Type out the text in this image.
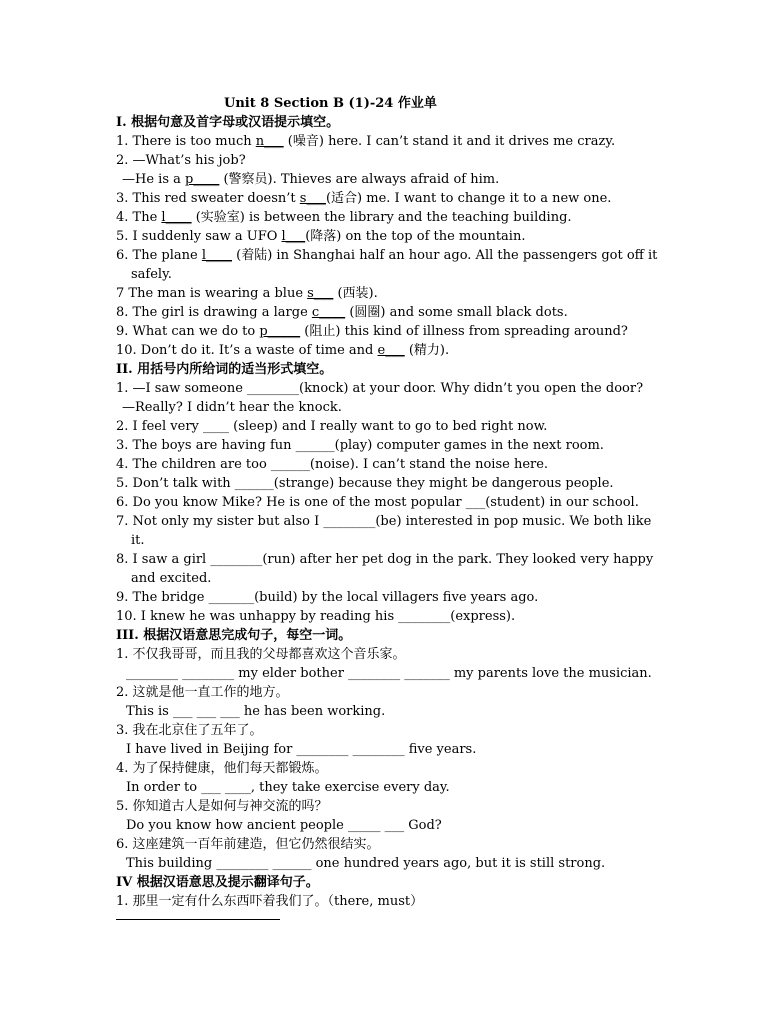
Unit 8 Section B (1)-24 作业单
I. 根据句意及首字母或汉语提示填空。
1. There is too much n___ (噪音) here. I can’t stand it and it drives me crazy.
2. —What’s his job?
—He is a p____ (警察员). Thieves are always afraid of him.
3. This red sweater doesn’t s___(适合) me. I want to change it to a new one.
4. The l____ (实验室) is between the library and the teaching building.
5. I suddenly saw a UFO l___(降落) on the top of the mountain.
6. The plane l____ (着陆) in Shanghai half an hour ago. All the passengers got off it
safely.
7 The man is wearing a blue s___ (西装).
8. The girl is drawing a large c____ (圆圈) and some small black dots.
9. What can we do to p_____ (阻止) this kind of illness from spreading around?
10. Don’t do it. It’s a waste of time and e___ (精力).
II. 用括号内所给词的适当形式填空。
1. —I saw someone ________(knock) at your door. Why didn’t you open the door?
—Really? I didn’t hear the knock.
2. I feel very ____ (sleep) and I really want to go to bed right now.
3. The boys are having fun ______(play) computer games in the next room.
4. The children are too ______(noise). I can’t stand the noise here.
5. Don’t talk with ______(strange) because they might be dangerous people.
6. Do you know Mike? He is one of the most popular ___(student) in our school.
7. Not only my sister but also I ________(be) interested in pop music. We both like
it.
8. I saw a girl ________(run) after her pet dog in the park. They looked very happy
and excited.
9. The bridge _______(build) by the local villagers five years ago.
10. I knew he was unhappy by reading his ________(express).
III. 根据汉语意思完成句子，每空一词。
1. 不仅我哥哥，而且我的父母都喜欢这个音乐家。
________ ________ my elder bother ________ _______ my parents love the musician.
2. 这就是他一直工作的地方。
This is ___ ___ ___ he has been working.
3. 我在北京住了五年了。
I have lived in Beijing for ________ ________ five years.
4. 为了保持健康，他们每天都锻炼。
In order to ___ ____, they take exercise every day.
5. 你知道古人是如何与神交流的吗？
Do you know how ancient people _____ ___ God?
6. 这座建筑一百年前建造，但它仍然很结实。
This building ________ ______ one hundred years ago, but it is still strong.
IV 根据汉语意思及提示翻译句子。
1. 那里一定有什么东西吓着我们了。（there, must）
